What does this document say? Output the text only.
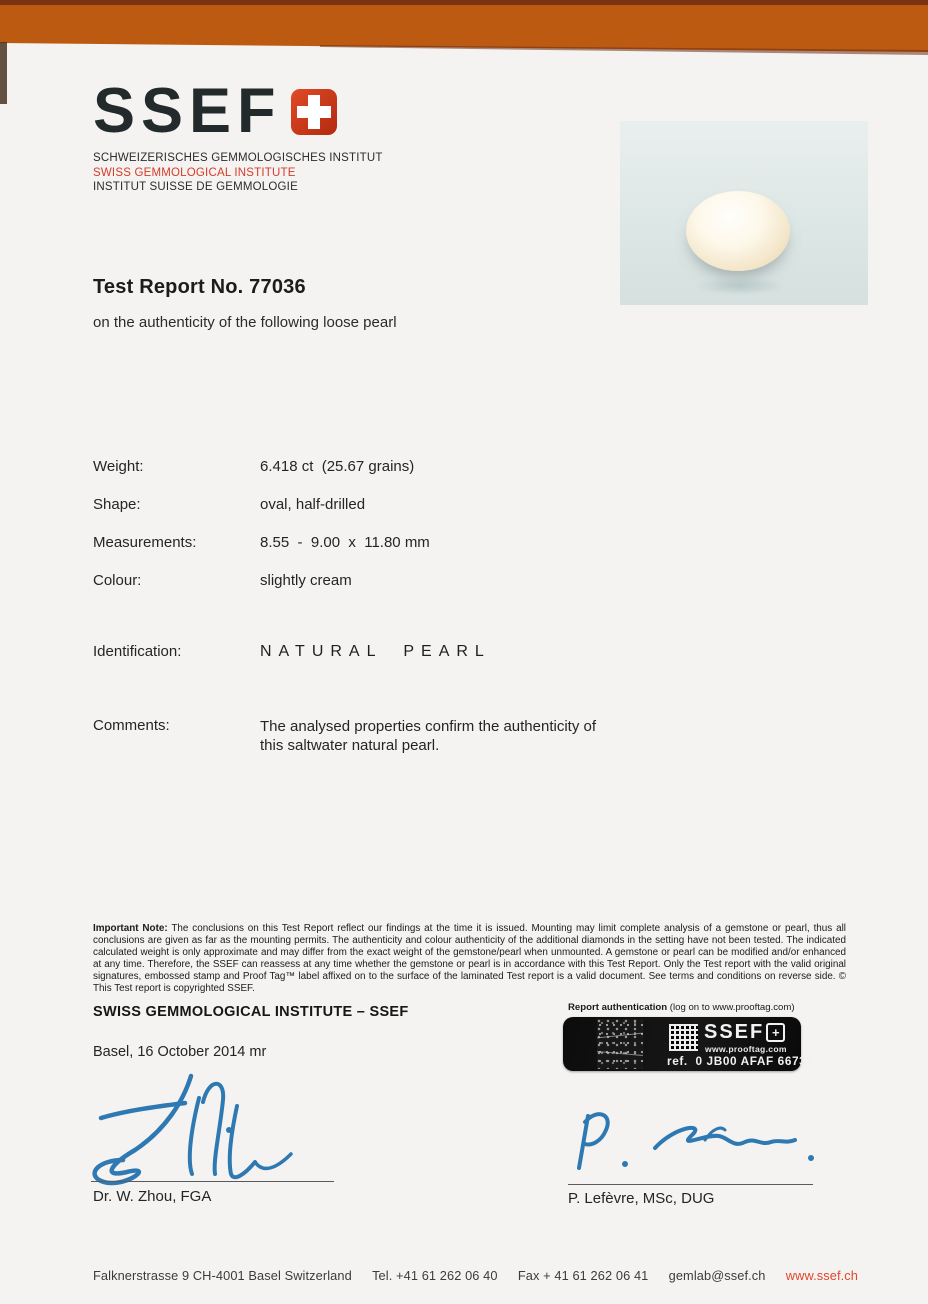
SSEF
SCHWEIZERISCHES GEMMOLOGISCHES INSTITUT
SWISS GEMMOLOGICAL INSTITUTE
INSTITUT SUISSE DE GEMMOLOGIE
Test Report No. 77036
on the authenticity of the following loose pearl
Weight:	6.418 ct  (25.67 grains)
Shape:	oval, half-drilled
Measurements:	8.55  -  9.00  x  11.80 mm
Colour:	slightly cream
Identification:	NATURAL PEARL
Comments:	The analysed properties confirm the authenticity of this saltwater natural pearl.
Important Note: The conclusions on this Test Report reflect our findings at the time it is issued. Mounting may limit complete analysis of a gemstone or pearl, thus all conclusions are given as far as the mounting permits. The authenticity and colour authenticity of the additional diamonds in the setting have not been tested. The indicated calculated weight is only approximate and may differ from the exact weight of the gemstone/pearl when unmounted. A gemstone or pearl can be modified and/or enhanced at any time. Therefore, the SSEF can reassess at any time whether the gemstone or pearl is in accordance with this Test Report. Only the Test report with the valid original signatures, embossed stamp and Proof Tag™ label affixed on to the surface of the laminated Test report is a valid document. See terms and conditions on reverse side. © This Test report is copyrighted SSEF.
SWISS GEMMOLOGICAL INSTITUTE – SSEF
Basel, 16 October 2014 mr
Report authentication (log on to www.prooftag.com)
SSEF +
www.prooftag.com
ref.  0 JB00 AFAF 66737
Dr. W. Zhou, FGA	P. Lefèvre, MSc, DUG
Falknerstrasse 9 CH-4001 Basel Switzerland Tel. +41 61 262 06 40 Fax + 41 61 262 06 41 gemlab@ssef.ch www.ssef.ch
